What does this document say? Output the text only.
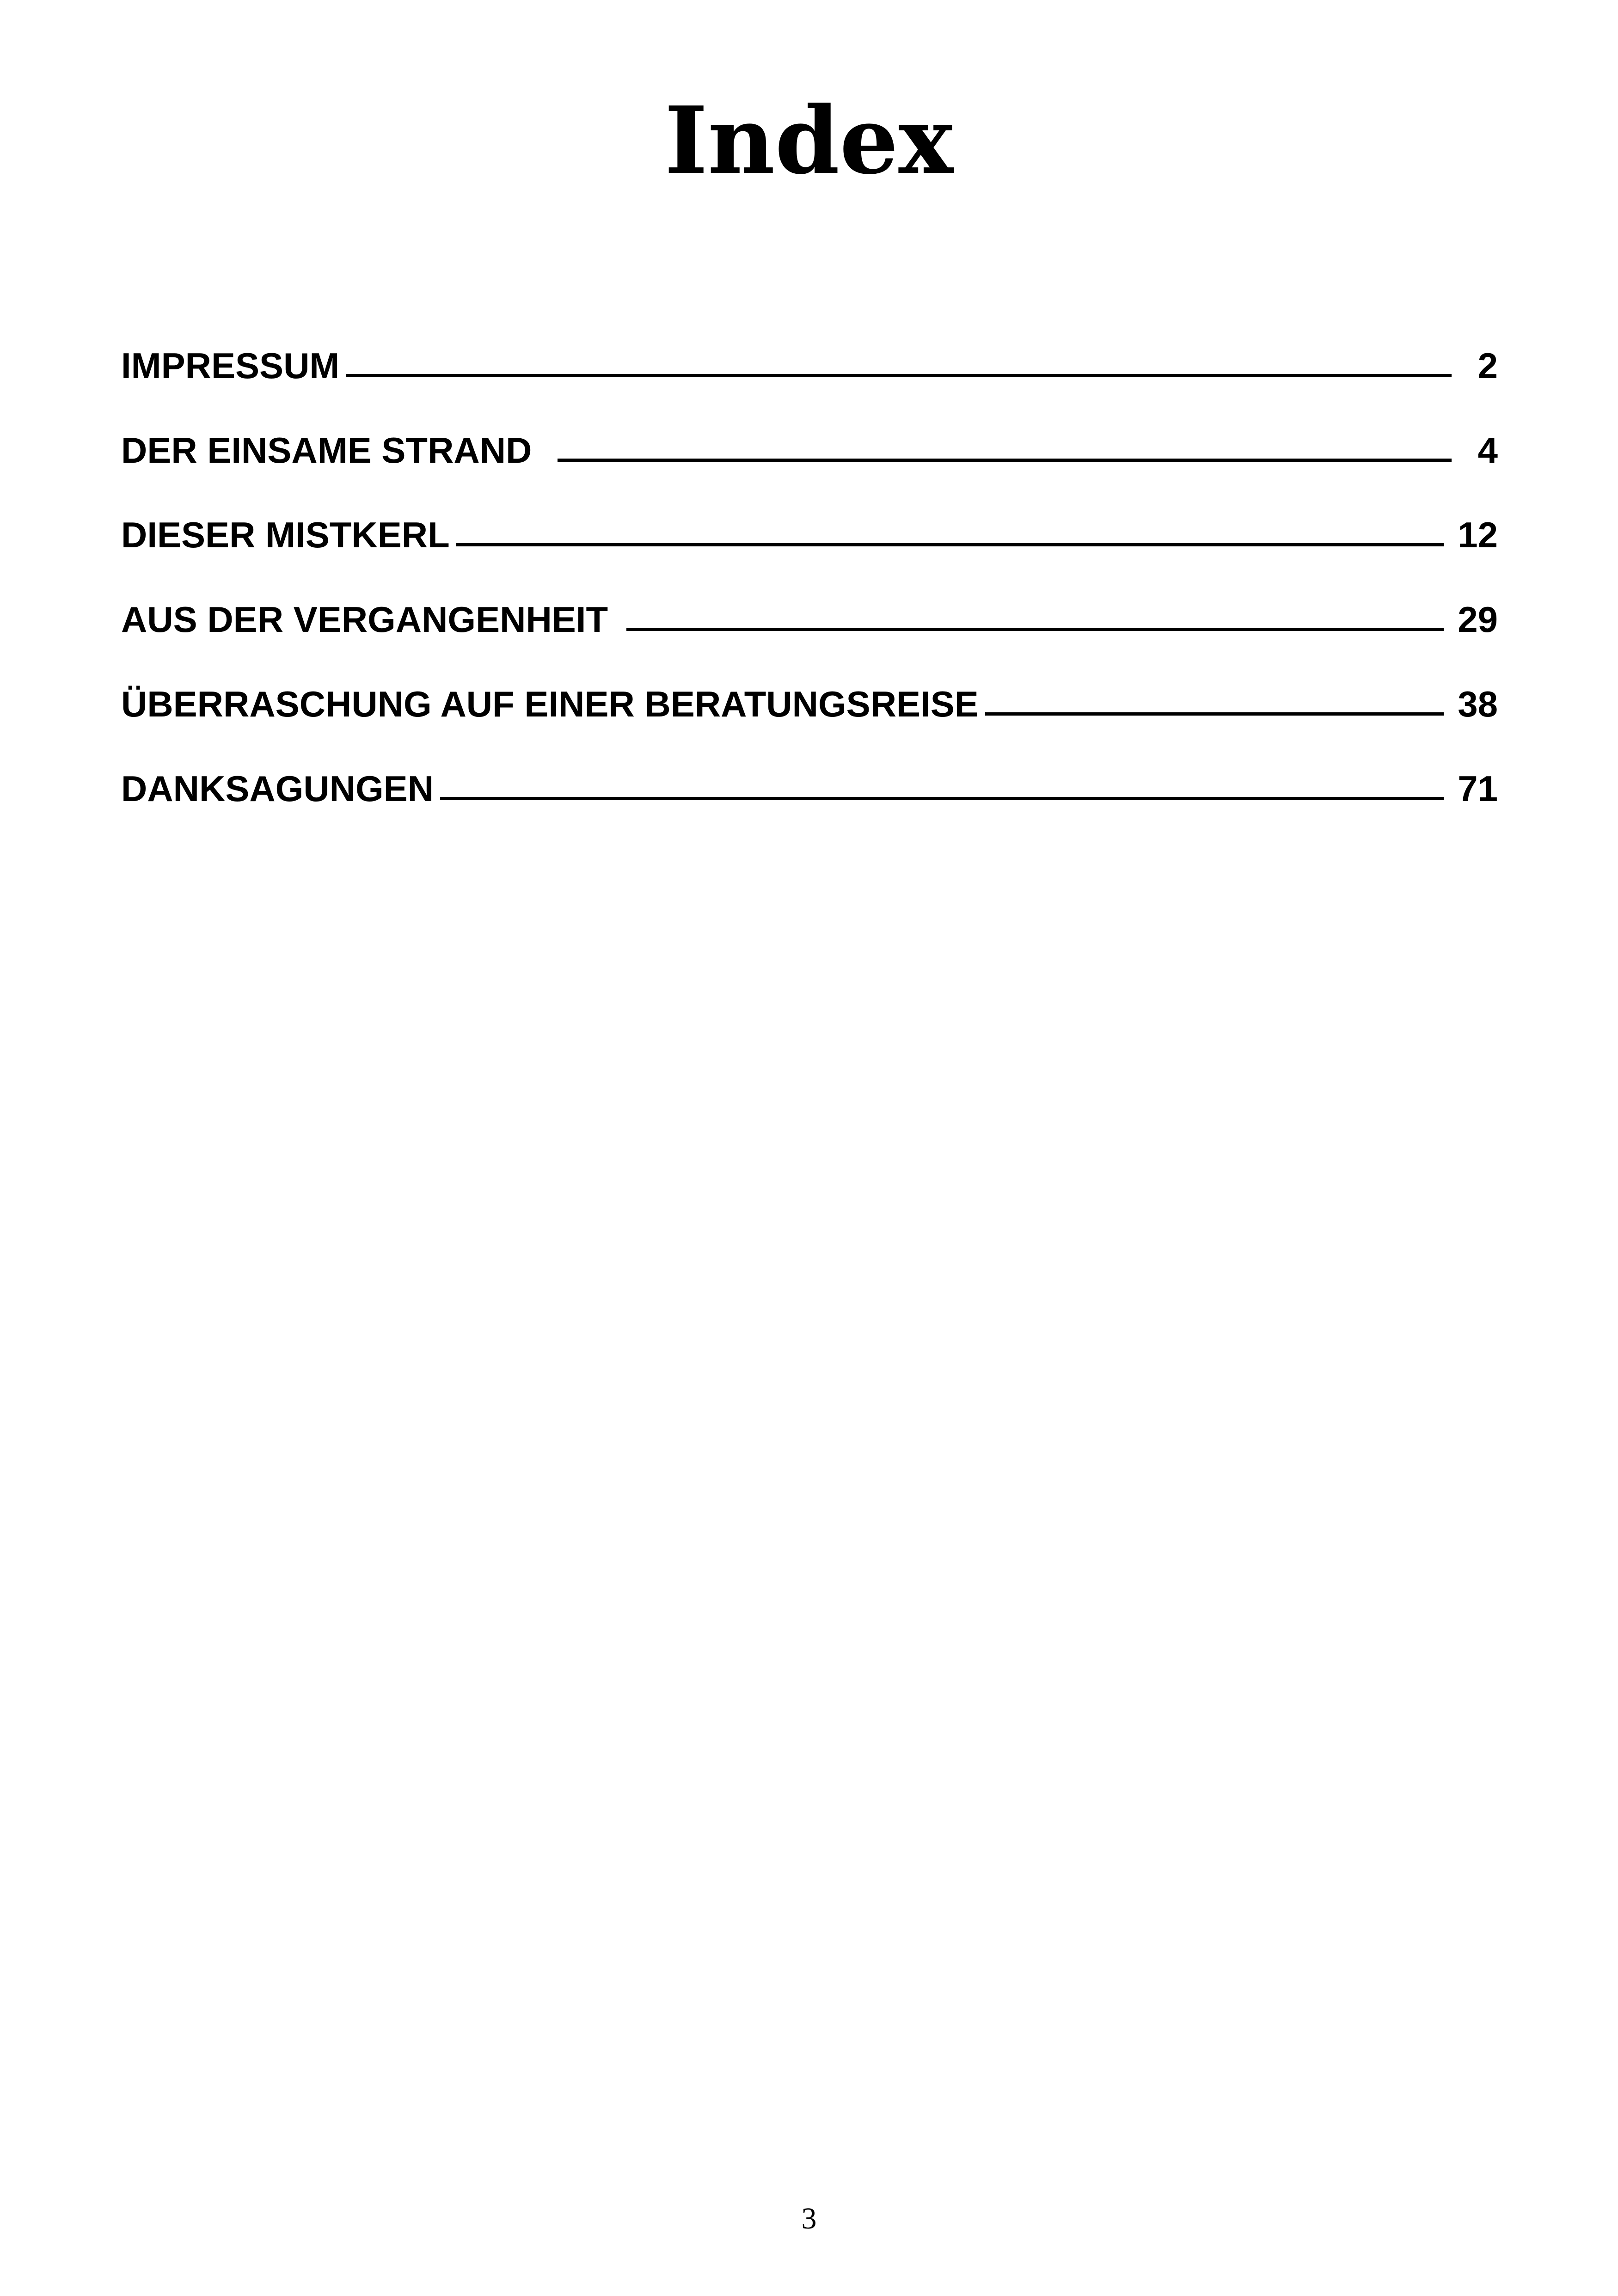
Index
IMPRESSUM	2
DER EINSAME STRAND	4
DIESER MISTKERL	12
AUS DER VERGANGENHEIT	29
ÜBERRASCHUNG AUF EINER BERATUNGSREISE	38
DANKSAGUNGEN	71
3
